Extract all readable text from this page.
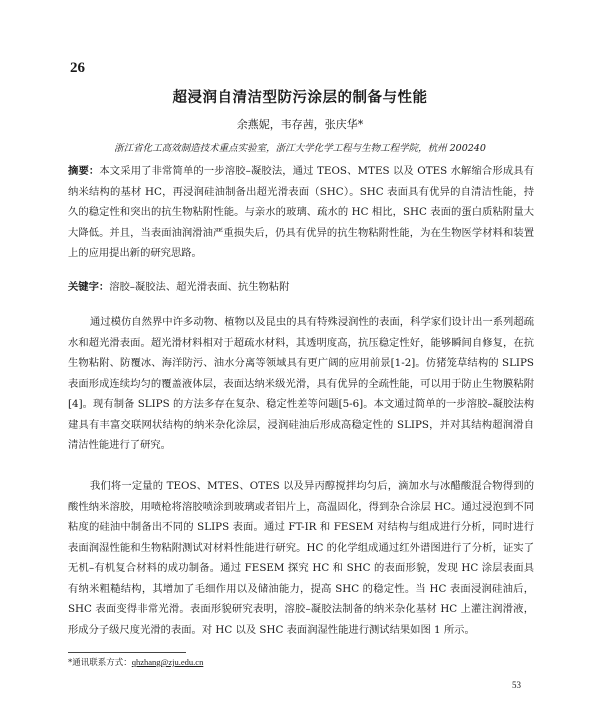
26
超浸润自清洁型防污涂层的制备与性能
余燕妮，韦存茜，张庆华*
浙江省化工高效制造技术重点实验室，浙江大学化学工程与生物工程学院，杭州 200240
摘要：本文采用了非常简单的一步溶胶–凝胶法，通过 TEOS、MTES 以及 OTES 水解缩合形成具有纳米结构的基材 HC，再浸润硅油制备出超光滑表面（SHC）。SHC 表面具有优异的自清洁性能，持久的稳定性和突出的抗生物粘附性能。与亲水的玻璃、疏水的 HC 相比，SHC 表面的蛋白质粘附量大大降低。并且，当表面油润滑油严重损失后，仍具有优异的抗生物粘附性能，为在生物医学材料和装置上的应用提出新的研究思路。
关键字：溶胶–凝胶法、超光滑表面、抗生物粘附
通过模仿自然界中许多动物、植物以及昆虫的具有特殊浸润性的表面，科学家们设计出一系列超疏水和超光滑表面。超光滑材料相对于超疏水材料，其透明度高，抗压稳定性好，能够瞬间自修复，在抗生物粘附、防覆冰、海洋防污、油水分离等领域具有更广阔的应用前景[1-2]。仿猪笼草结构的 SLIPS 表面形成连续均匀的覆盖液体层，表面达纳米级光滑，具有优异的全疏性能，可以用于防止生物膜粘附[4]。现有制备 SLIPS 的方法多存在复杂、稳定性差等问题[5-6]。本文通过简单的一步溶胶–凝胶法构建具有丰富交联网状结构的纳米杂化涂层，浸润硅油后形成高稳定性的 SLIPS，并对其结构超润滑自清洁性能进行了研究。
我们将一定量的 TEOS、MTES、OTES 以及异丙醇搅拌均匀后，滴加水与冰醋酸混合物得到的酸性纳米溶胶，用喷枪将溶胶喷涂到玻璃或者铝片上，高温固化，得到杂合涂层 HC。通过浸泡到不同粘度的硅油中制备出不同的 SLIPS 表面。通过 FT-IR 和 FESEM 对结构与组成进行分析，同时进行表面润湿性能和生物粘附测试对材料性能进行研究。HC 的化学组成通过红外谱图进行了分析，证实了无机–有机复合材料的成功制备。通过 FESEM 探究 HC 和 SHC 的表面形貌，发现 HC 涂层表面具有纳米粗糙结构，其增加了毛细作用以及储油能力，提高 SHC 的稳定性。当 HC 表面浸润硅油后，SHC 表面变得非常光滑。表面形貌研究表明，溶胶–凝胶法制备的纳米杂化基材 HC 上灌注润滑液，形成分子级尺度光滑的表面。对 HC 以及 SHC 表面润湿性能进行测试结果如图 1 所示。
*通讯联系方式：qhzhang@zju.edu.cn
53
